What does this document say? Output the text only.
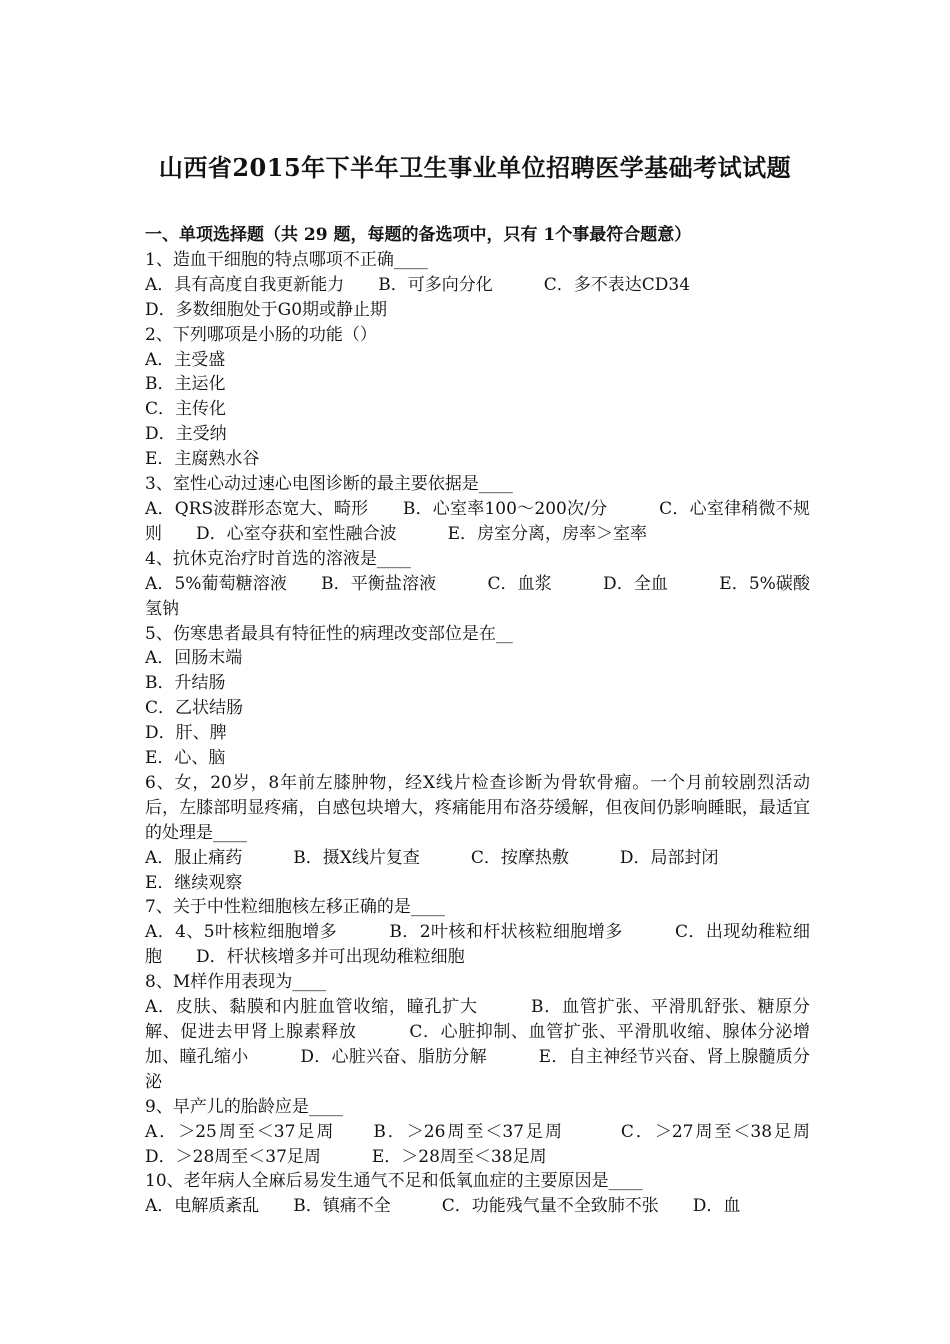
山西省2015年下半年卫生事业单位招聘医学基础考试试题
一、单项选择题（共 29 题，每题的备选项中，只有 1个事最符合题意）
1、造血干细胞的特点哪项不正确____
A．具有高度自我更新能力　　B．可多向分化　　　C．多不表达CD34
D．多数细胞处于G0期或静止期
2、下列哪项是小肠的功能（）
A．主受盛
B．主运化
C．主传化
D．主受纳
E．主腐熟水谷
3、室性心动过速心电图诊断的最主要依据是____
A．QRS波群形态宽大、畸形　　B．心室率100～200次/分　　　C．心室律稍微不规则　　D．心室夺获和室性融合波　　　E．房室分离，房率＞室率
4、抗休克治疗时首选的溶液是____
A．5%葡萄糖溶液　　B．平衡盐溶液　　　C．血浆　　　D．全血　　　E．5%碳酸氢钠
5、伤寒患者最具有特征性的病理改变部位是在__
A．回肠末端
B．升结肠
C．乙状结肠
D．肝、脾
E．心、脑
6、女，20岁，8年前左膝肿物，经X线片检查诊断为骨软骨瘤。一个月前较剧烈活动后，左膝部明显疼痛，自感包块增大，疼痛能用布洛芬缓解，但夜间仍影响睡眠，最适宜的处理是____
A．服止痛药　　　B．摄X线片复查　　　C．按摩热敷　　　D．局部封闭
E．继续观察
7、关于中性粒细胞核左移正确的是____
A．4、5叶核粒细胞增多　　　B．2叶核和杆状核粒细胞增多　　　C．出现幼稚粒细胞　　D．杆状核增多并可出现幼稚粒细胞
8、M样作用表现为____
A．皮肤、黏膜和内脏血管收缩，瞳孔扩大　　　B．血管扩张、平滑肌舒张、糖原分解、促进去甲肾上腺素释放　　　C．心脏抑制、血管扩张、平滑肌收缩、腺体分泌增加、瞳孔缩小　　　D．心脏兴奋、脂肪分解　　　E．自主神经节兴奋、肾上腺髓质分泌
9、早产儿的胎龄应是____
A．＞25周至＜37足周　　B．＞26周至＜37足周　　　C．＞27周至＜38足周　　D．＞28周至＜37足周　　　E．＞28周至＜38足周
10、老年病人全麻后易发生通气不足和低氧血症的主要原因是____
A．电解质紊乱　　B．镇痛不全　　　C．功能残气量不全致肺不张　　D．血
